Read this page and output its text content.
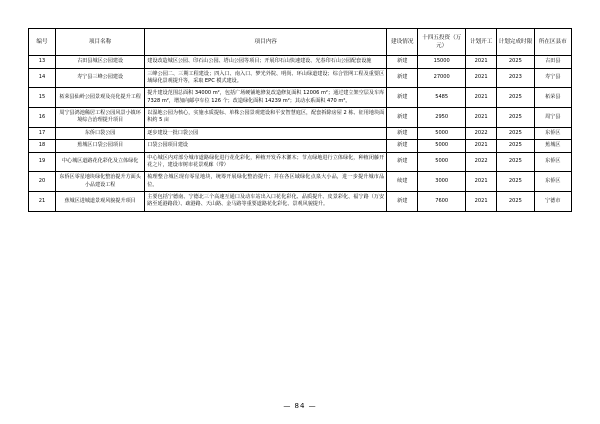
编号	项目名称	项目内容	建设情况	十四五投资（万元）	计划开工	计划完成时限	所在区县市
13	古田县城区公园建设	建设改造城区公园、印石山公园、塔山公园等项目；开展印石山快速建设、光春印石山公园配套设施	新建	15000	2021	2025	古田县
14	寿宁县三峰公园建设	三峰公园二、三期工程建设；四入口、南入口、梦光外院、明尚、环山绿道建设；综合管网工程及重要区域绿化景观提升等，采取 EPC 模式建设。	新建	27000	2021	2023	寿宁县
15	柘荣县仙岭公园景观及亮化提升工程	提升建设范围总面积 34000 m²，包括广场硬铺地修复改造修复面积 12006 m²；通过建立架空层及车库 7328 m²，增加向邮亭车位 126 个；改造绿化面积 14239 m²；其动水系面积 470 m²。	新建	5485	2021	2025	柘荣县
16	周宁县鸿池稀居工程公园风景小镇环境综合治理提升项目	以湿地公园为核心，实施水质提标、单株公园景观建设和平安智慧庭区，配套拆除房屋 2 栋、征用地块面积约 5 亩	新建	2950	2021	2025	周宁县
17	东侨口袋公园	逐步建设一批口袋公园	新建	5000	2022	2025	东侨区
18	蕉城区口袋公园项目	口袋公园项目建设	新建	5000	2021	2025	蕉城区
19	中心城区道路花化彩化及立体绿化	中心城区内对部分城市道路绿化进行花化彩化，种植开发乔木灌木；节点绿地进行立体绿化，种植闭藤开花之片，建设市树市花景观廊（带）	新建	5000	2022	2025	东侨区
20	东侨区零星地块绿化整治提升方面头小品建设工程	梳理整合城区现有零星地块，统筹开展绿化整治提升；并在各区域绿化点泉大小品，进一步提升城市品位。	续建	3000	2021	2025	东侨区
21	蕉城区进城道景观风貌提升项目	主要包括宁德南、宁德北三个高速互通口及动车站出入口花化彩化、品质提升、皮景彩化、福宁路（万安路至延港路段）、疏港路、天山路、金马路等重要道路花化彩化、景观风貌提升。	新建	7600	2021	2025	宁德市
— 84 —
